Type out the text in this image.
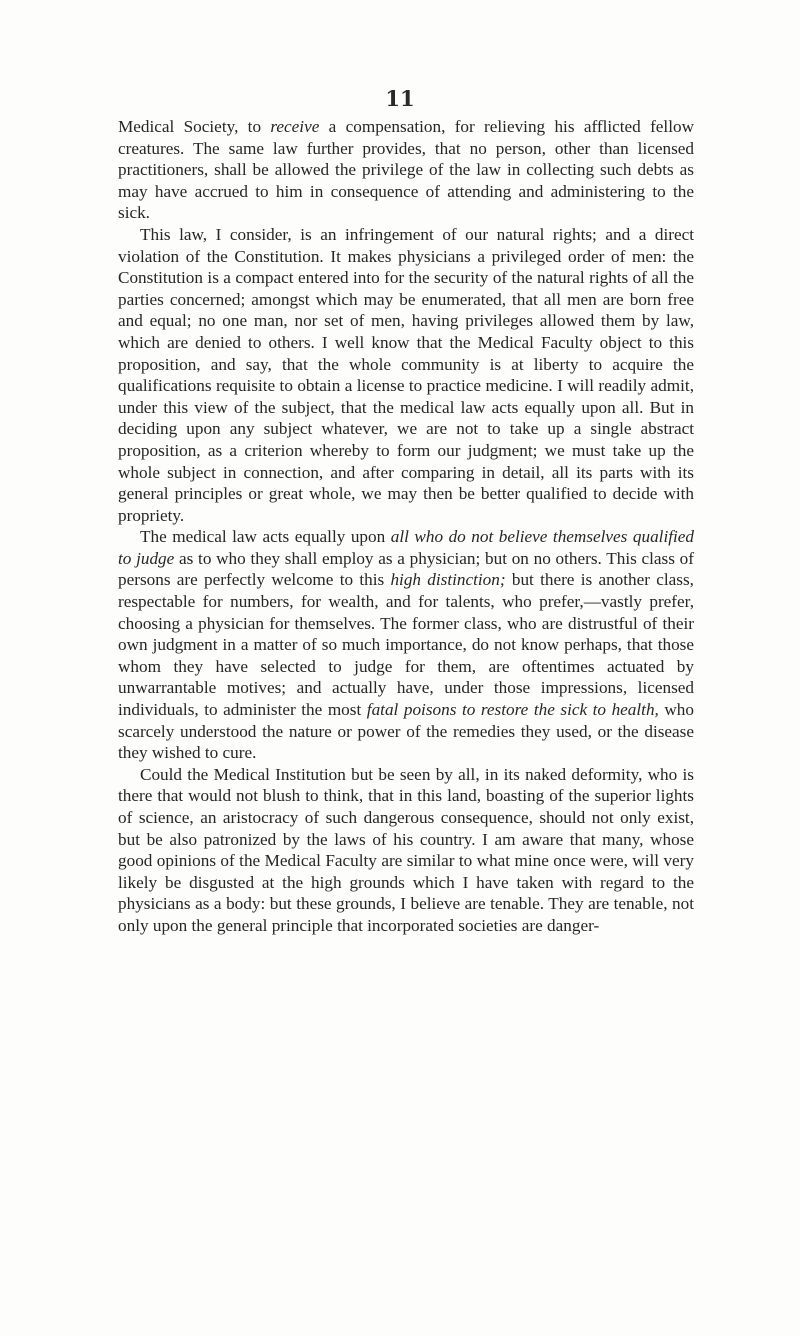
11

Medical Society, to receive a compensation, for relieving his afflicted fellow creatures. The same law further provides, that no person, other than licensed practitioners, shall be allowed the privilege of the law in collecting such debts as may have accrued to him in consequence of attending and administering to the sick.

This law, I consider, is an infringement of our natural rights; and a direct violation of the Constitution. It makes physicians a privileged order of men: the Constitution is a compact entered into for the security of the natural rights of all the parties concerned; amongst which may be enumerated, that all men are born free and equal; no one man, nor set of men, having privileges allowed them by law, which are denied to others. I well know that the Medical Faculty object to this proposition, and say, that the whole community is at liberty to acquire the qualifications requisite to obtain a license to practice medicine. I will readily admit, under this view of the subject, that the medical law acts equally upon all. But in deciding upon any subject whatever, we are not to take up a single abstract proposition, as a criterion whereby to form our judgment; we must take up the whole subject in connection, and after comparing in detail, all its parts with its general principles or great whole, we may then be better qualified to decide with propriety.

The medical law acts equally upon all who do not believe themselves qualified to judge as to who they shall employ as a physician; but on no others. This class of persons are perfectly welcome to this high distinction; but there is another class, respectable for numbers, for wealth, and for talents, who prefer,—vastly prefer, choosing a physician for themselves. The former class, who are distrustful of their own judgment in a matter of so much importance, do not know perhaps, that those whom they have selected to judge for them, are oftentimes actuated by unwarrantable motives; and actually have, under those impressions, licensed individuals, to administer the most fatal poisons to restore the sick to health, who scarcely understood the nature or power of the remedies they used, or the disease they wished to cure.

Could the Medical Institution but be seen by all, in its naked deformity, who is there that would not blush to think, that in this land, boasting of the superior lights of science, an aristocracy of such dangerous consequence, should not only exist, but be also patronized by the laws of his country. I am aware that many, whose good opinions of the Medical Faculty are similar to what mine once were, will very likely be disgusted at the high grounds which I have taken with regard to the physicians as a body: but these grounds, I believe are tenable. They are tenable, not only upon the general principle that incorporated societies are danger-
